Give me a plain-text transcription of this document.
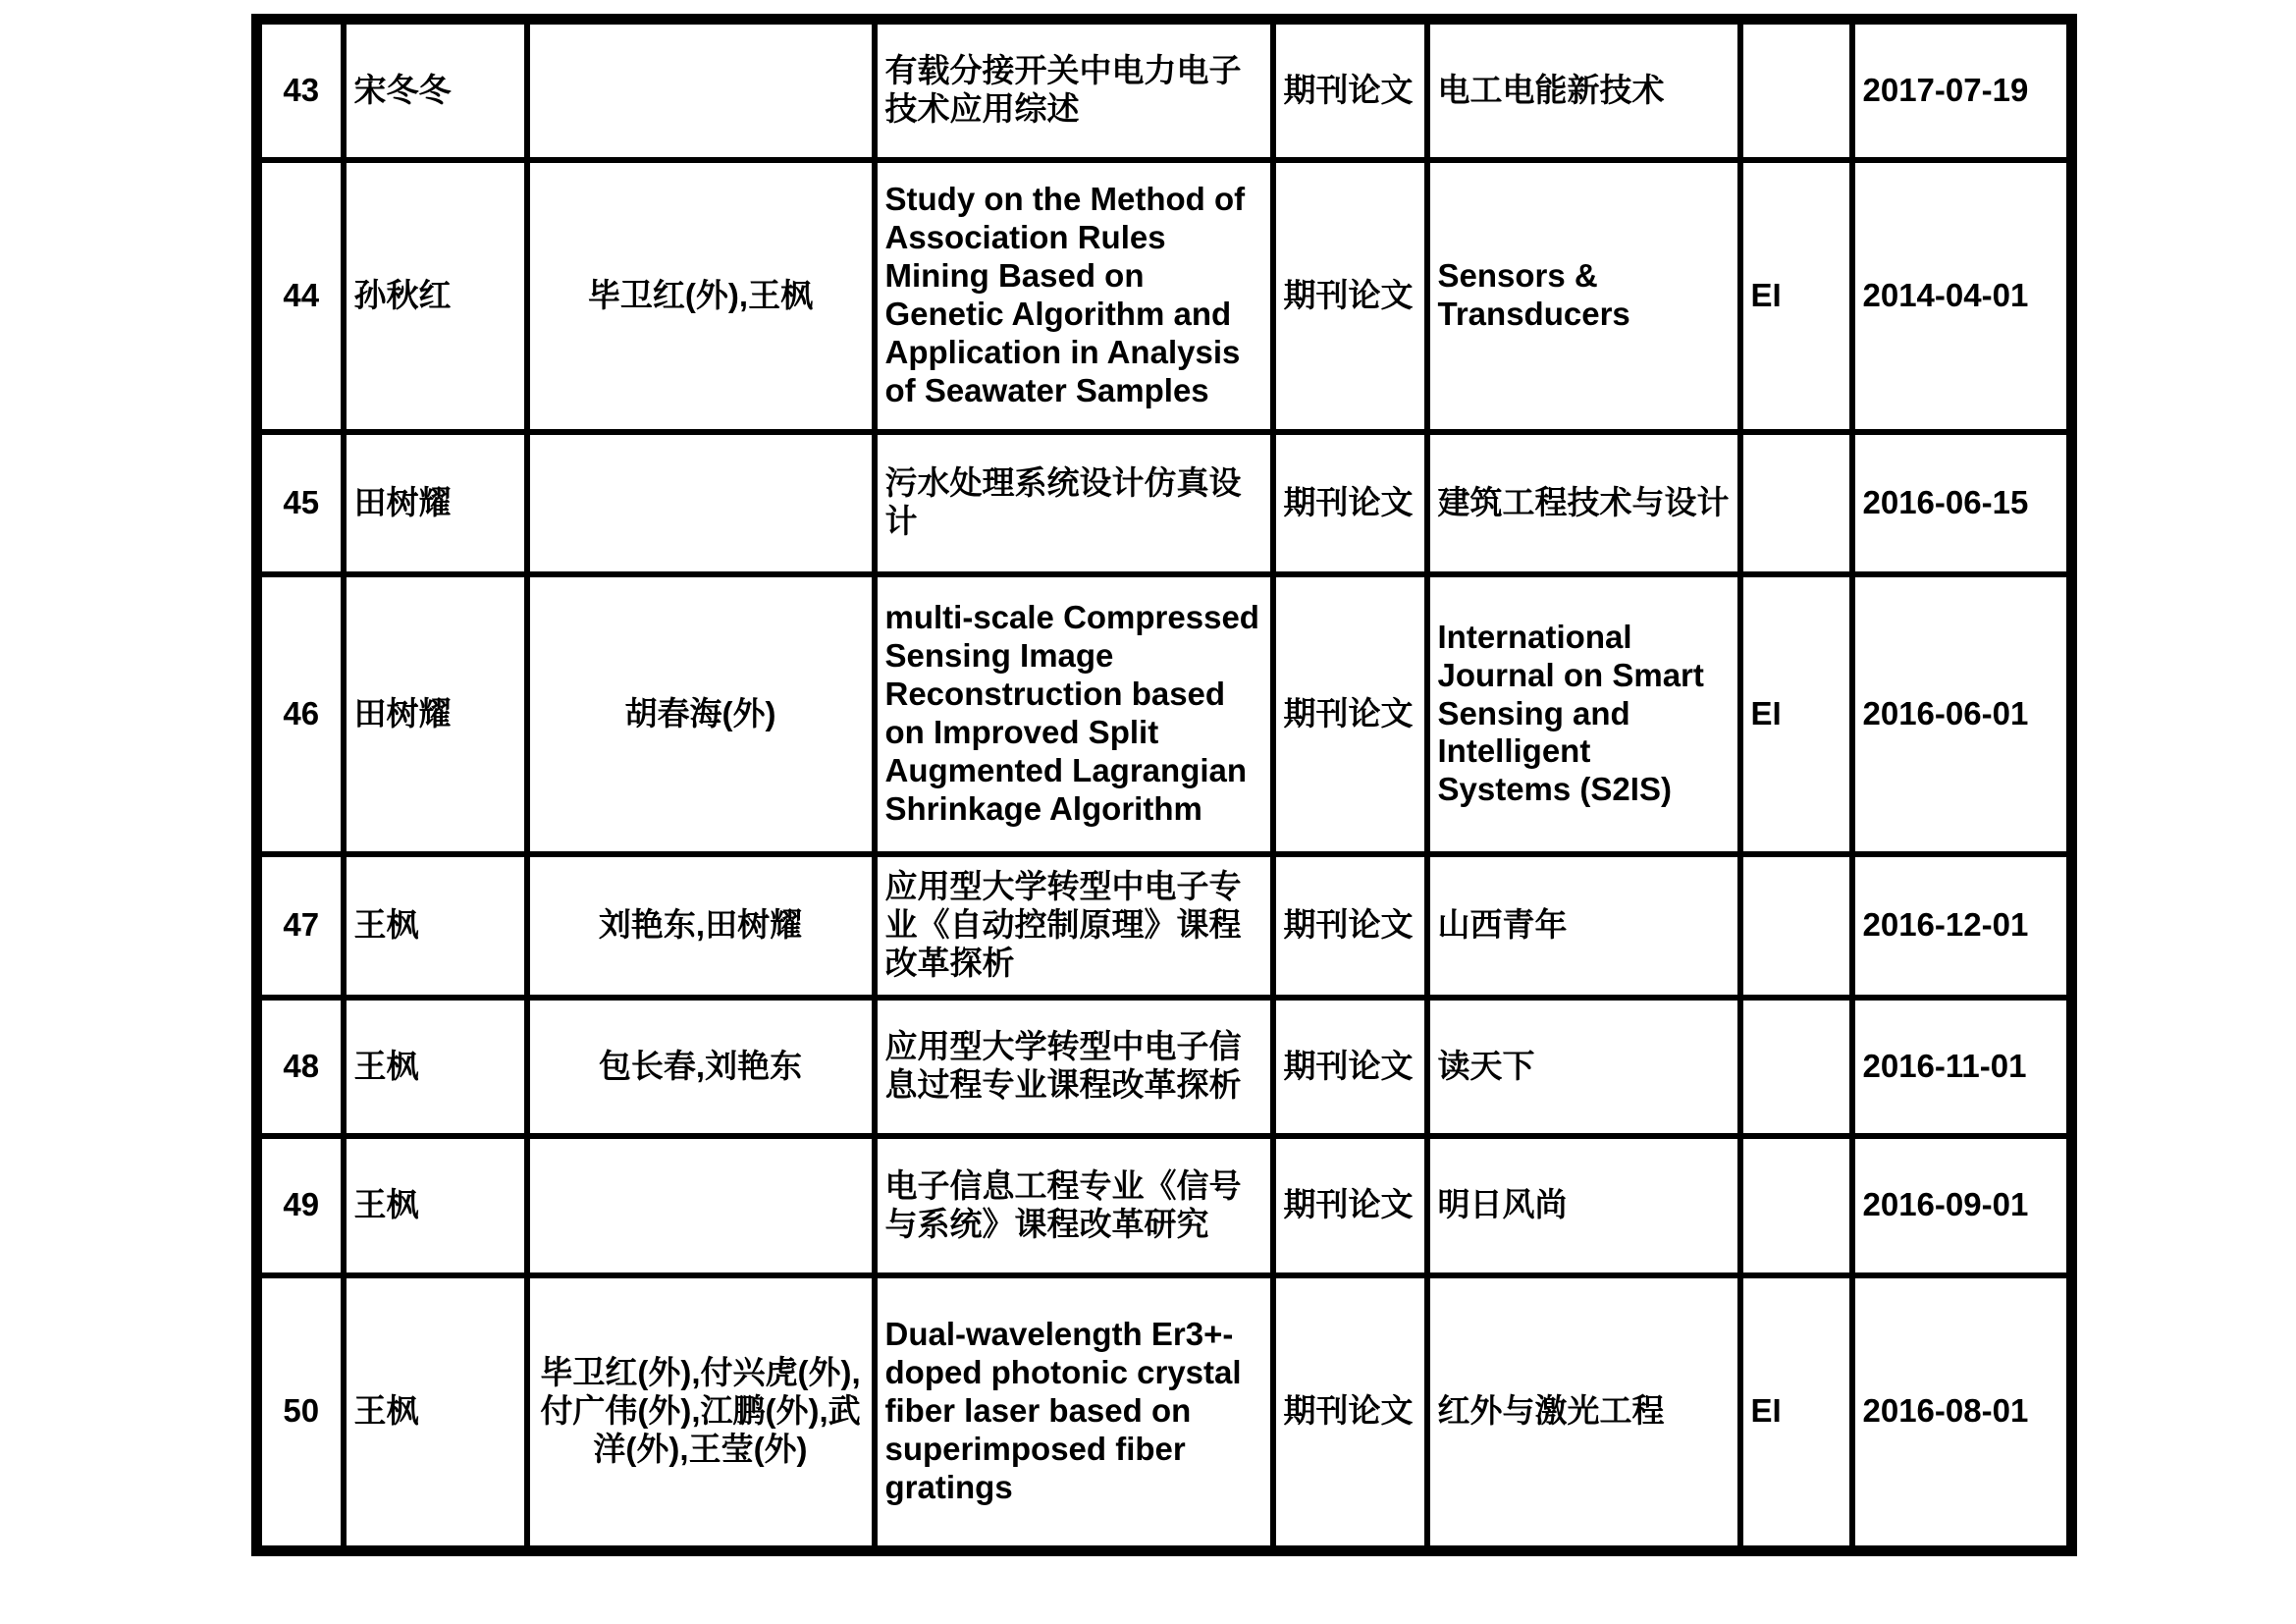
43	宋冬冬		有载分接开关中电力电子技术应用综述	期刊论文	电工电能新技术		2017-07-19
44	孙秋红	毕卫红(外),王枫	Study on the Method of Association Rules Mining Based on Genetic Algorithm and Application in Analysis of Seawater Samples	期刊论文	Sensors & Transducers	EI	2014-04-01
45	田树耀		污水处理系统设计仿真设计	期刊论文	建筑工程技术与设计		2016-06-15
46	田树耀	胡春海(外)	multi-scale Compressed Sensing Image Reconstruction based on Improved Split Augmented Lagrangian Shrinkage Algorithm	期刊论文	International Journal on Smart Sensing and Intelligent Systems (S2IS)	EI	2016-06-01
47	王枫	刘艳东,田树耀	应用型大学转型中电子专业《自动控制原理》课程改革探析	期刊论文	山西青年		2016-12-01
48	王枫	包长春,刘艳东	应用型大学转型中电子信息过程专业课程改革探析	期刊论文	读天下		2016-11-01
49	王枫		电子信息工程专业《信号与系统》课程改革研究	期刊论文	明日风尚		2016-09-01
50	王枫	毕卫红(外),付兴虎(外),付广伟(外),江鹏(外),武洋(外),王莹(外)	Dual-wavelength Er3+-doped photonic crystal fiber laser based on superimposed fiber gratings	期刊论文	红外与激光工程	EI	2016-08-01
